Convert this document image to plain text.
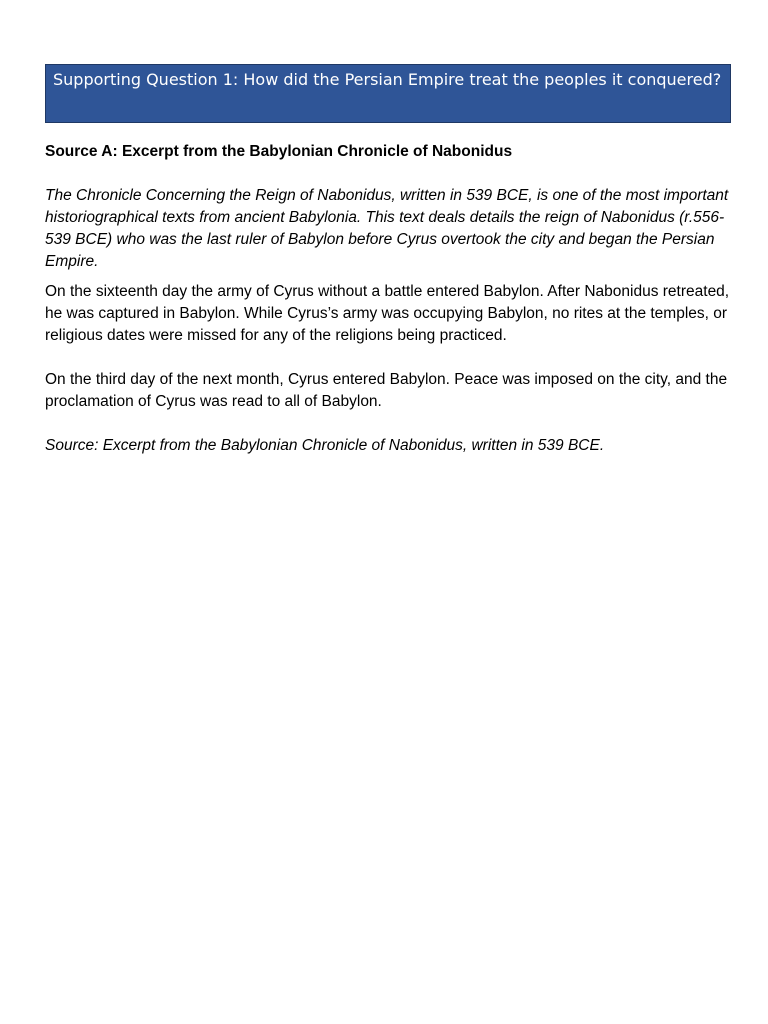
Supporting Question 1: How did the Persian Empire treat the peoples it conquered?

Source A: Excerpt from the Babylonian Chronicle of Nabonidus

The Chronicle Concerning the Reign of Nabonidus, written in 539 BCE, is one of the most important historiographical texts from ancient Babylonia. This text deals details the reign of Nabonidus (r.556-539 BCE) who was the last ruler of Babylon before Cyrus overtook the city and began the Persian Empire.

On the sixteenth day the army of Cyrus without a battle entered Babylon. After Nabonidus retreated, he was captured in Babylon. While Cyrus’s army was occupying Babylon, no rites at the temples, or religious dates were missed for any of the religions being practiced.

On the third day of the next month, Cyrus entered Babylon. Peace was imposed on the city, and the proclamation of Cyrus was read to all of Babylon.

Source: Excerpt from the Babylonian Chronicle of Nabonidus, written in 539 BCE.
